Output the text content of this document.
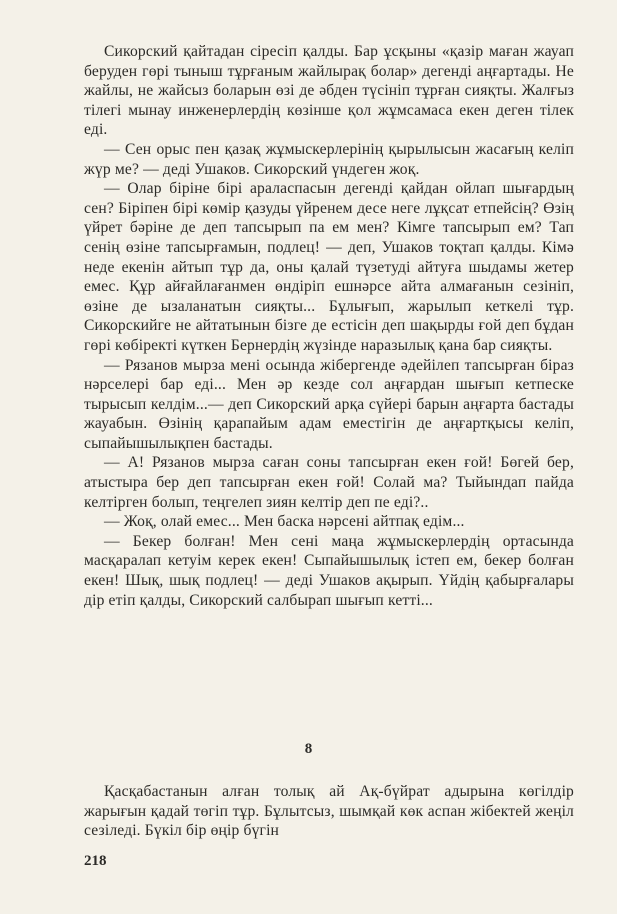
Сикорский қайтадан сіресіп қалды. Бар ұсқыны «қазір маған жауап беруден гөрі тыныш тұрғаным жайлырақ болар» дегенді аңғартады. Не жайлы, не жайсыз боларын өзі де әбден түсініп тұрған сияқты. Жалғыз тілегі мынау инженерлердің көзінше қол жұмсамаса екен деген тілек еді.

— Сен орыс пен қазақ жұмыскерлерінің қырылысын жасағың келіп жүр ме? — деді Ушаков. Сикорский үндеген жоқ.

— Олар біріне бірі араласпасын дегенді қайдан ойлап шығардың сен? Біріпен бірі көмір қазуды үйренем десе неге лұқсат етпейсің? Өзің үйрет бәріне де деп тапсырып па ем мен? Кімге тапсырып ем? Тап сенің өзіне тапсырғамын, подлец! — деп, Ушаков тоқтап қалды. Кімә неде екенін айтып тұр да, оны қалай түзетуді айтуға шыдамы жетер емес. Құр айғайлағанмен өндіріп ешнәрсе айта алмағанын сезініп, өзіне де ызаланатын сияқты... Бұлығып, жарылып кеткелі тұр. Сикорскийге не айтатынын бізге де естісін деп шақырды ғой деп бұдан гөрі көбіректі күткен Бернердің жүзінде наразылық қана бар сияқты.

— Рязанов мырза мені осында жібергенде әдейілеп тапсырған біраз нәрселері бар еді... Мен әр кезде сол аңғардан шығып кетпеске тырысып келдім...— деп Сикорский арқа сүйері барын аңғарта бастады жауабын. Өзінің қарапайым адам еместігін де аңғартқысы келіп, сыпайышылықпен бастады.

— А! Рязанов мырза саған соны тапсырған екен ғой! Бөгей бер, атыстыра бер деп тапсырған екен ғой! Солай ма? Тыйындап пайда келтірген болып, теңгелеп зиян келтір деп пе еді?..

— Жоқ, олай емес... Мен баска нәрсені айтпақ едім...

— Бекер болған! Мен сені маңа жұмыскерлердің ортасында масқаралап кетуім керек екен! Сыпайышылық істеп ем, бекер болған екен! Шық, шық подлец! — деді Ушаков ақырып. Үйдің қабырғалары дір етіп қалды, Сикорский салбырап шығып кетті...

8

Қасқабастанын алған толық ай Ақ-бүйрат адырына көгілдір жарығын қадай төгіп тұр. Бұлытсыз, шымқай көк аспан жібектей жеңіл сезіледі. Бүкіл бір өңір бүгін

218
